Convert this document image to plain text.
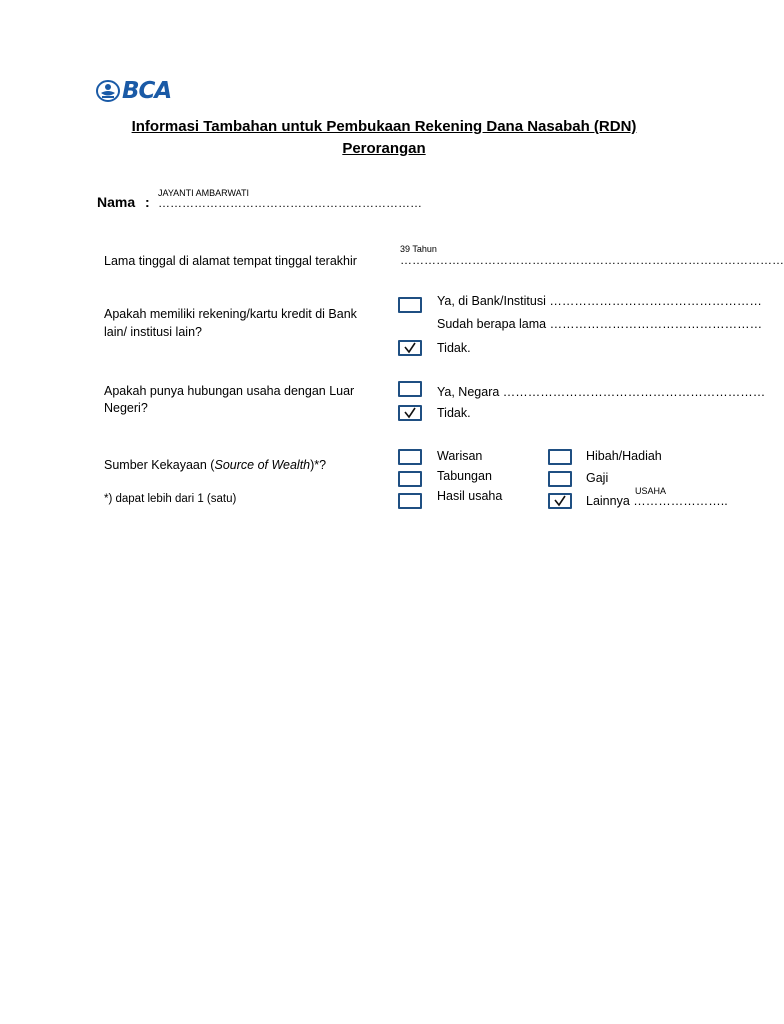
BCA
Informasi Tambahan untuk Pembukaan Rekening Dana Nasabah (RDN)
Perorangan
JAYANTI AMBARWATI
Nama : …………………………………………………………
Lama tinggal di alamat tempat tinggal terakhir
39 Tahun
……………………………………………………………………………………
Apakah memiliki rekening/kartu kredit di Bank
lain/ institusi lain?
Ya, di Bank/Institusi ……………………………………………
Sudah berapa lama ……………………………………………
Tidak.
Apakah punya hubungan usaha dengan Luar
Negeri?
Ya, Negara ………………………………………………………
Tidak.
Sumber Kekayaan (Source of Wealth)*?
*) dapat lebih dari 1 (satu)
Warisan
Tabungan
Hasil usaha
Hibah/Hadiah
Gaji
USAHA
Lainnya …………………..
